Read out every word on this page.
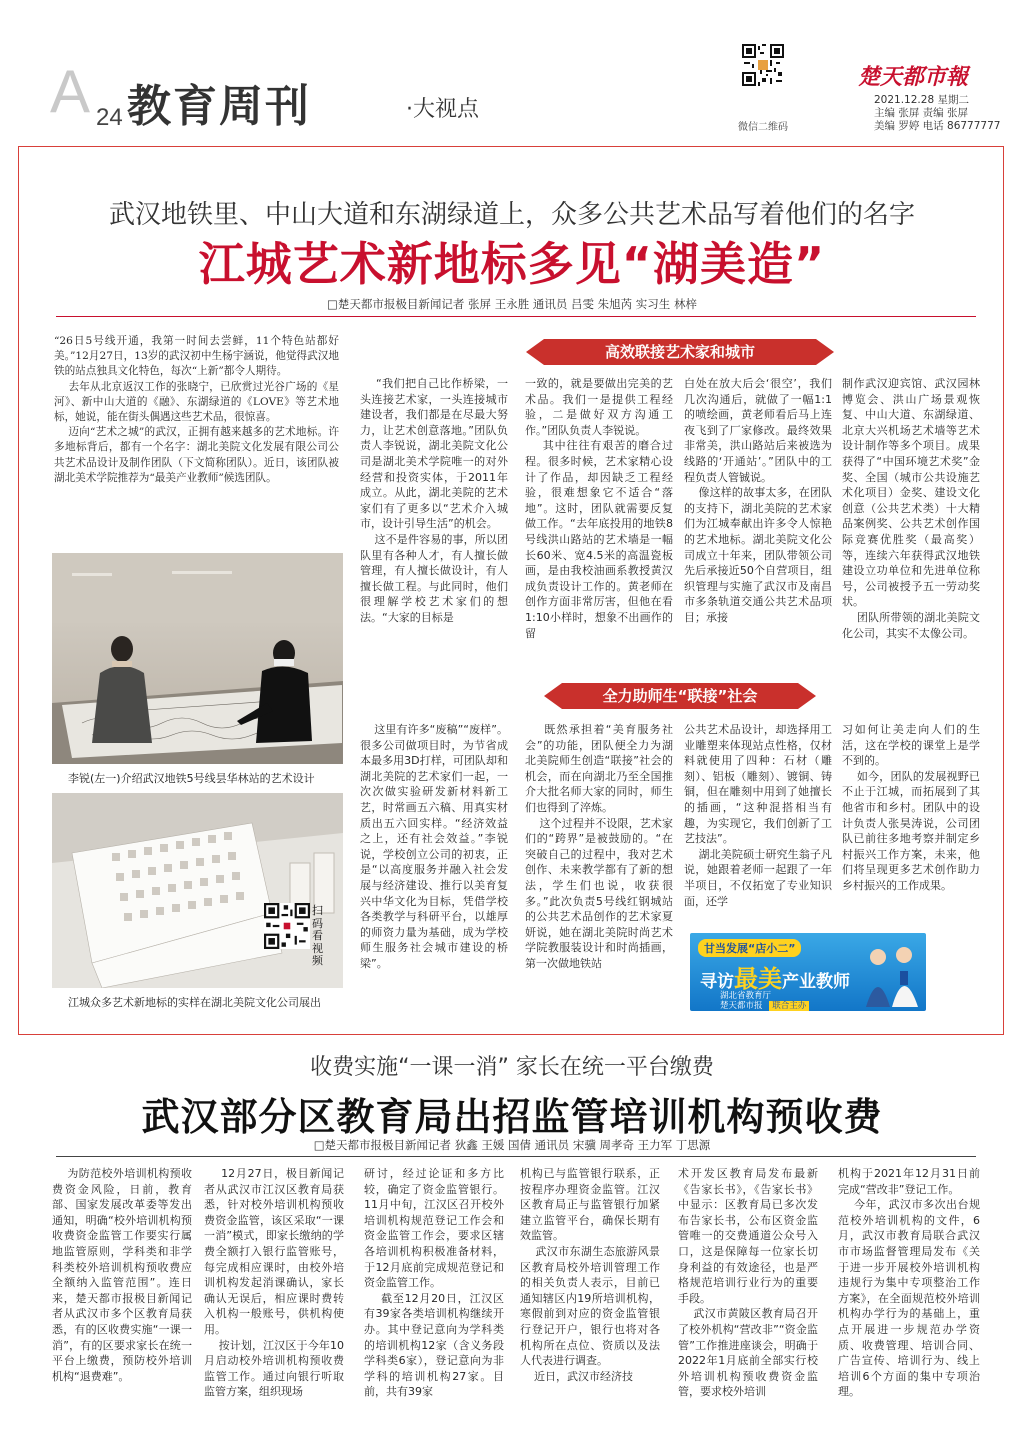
A 24 教育周刊	·大视点
微信二维码
楚天都市報
2021.12.28 星期二
主编 张屏 责编 张屏
美编 罗婷 电话 86777777
武汉地铁里、中山大道和东湖绿道上，众多公共艺术品写着他们的名字
江城艺术新地标多见“湖美造”
□楚天都市报极目新闻记者 张屏 王永胜 通讯员 吕雯 朱旭芮 实习生 林梓
“26日5号线开通，我第一时间去尝鲜，11个特色站都好美。”12月27日，13岁的武汉初中生杨宇涵说，他觉得武汉地铁的站点独具文化特色，每次“上新”都令人期待。
去年从北京返汉工作的张晓宁，已欣赏过光谷广场的《星河》、新中山大道的《融》、东湖绿道的《LOVE》等艺术地标，她说，能在街头偶遇这些艺术品，很惊喜。
迈向“艺术之城”的武汉，正拥有越来越多的艺术地标。许多地标背后，都有一个名字：湖北美院文化发展有限公司公共艺术品设计及制作团队（下文简称团队）。近日，该团队被湖北美术学院推荐为“最美产业教师”候选团队。
李锐(左一)介绍武汉地铁5号线昙华林站的艺术设计
扫码看视频
江城众多艺术新地标的实样在湖北美院文化公司展出
高效联接艺术家和城市
“我们把自己比作桥梁，一头连接艺术家，一头连接城市建设者，我们都是在尽最大努力，让艺术创意落地。”团队负责人李锐说，湖北美院文化公司是湖北美术学院唯一的对外经营和投资实体，于2011年成立。从此，湖北美院的艺术家们有了更多以“艺术介入城市，设计引导生活”的机会。
这不是件容易的事，所以团队里有各种人才，有人擅长做管理，有人擅长做设计，有人擅长做工程。与此同时，他们很理解学校艺术家们的想法。“大家的目标是
一致的，就是要做出完美的艺术品。我们一是提供工程经验，二是做好双方沟通工作。”团队负责人李锐说。
其中往往有艰苦的磨合过程。很多时候，艺术家精心设计了作品，却因缺乏工程经验，很难想象它不适合“落地”。这时，团队就需要反复做工作。“去年底投用的地铁8号线洪山路站的艺术墙是一幅长60米、宽4.5米的高温瓷板画，是由我校油画系教授黄汉成负责设计工作的。黄老师在创作方面非常厉害，但他在看1:10小样时，想象不出画作的留
白处在放大后会‘很空’，我们几次沟通后，就做了一幅1:1的喷绘画，黄老师看后马上连夜飞到了厂家修改。最终效果非常美，洪山路站后来被选为线路的‘开通站’。”团队中的工程负责人管铖说。
像这样的故事太多，在团队的支持下，湖北美院的艺术家们为江城奉献出许多令人惊艳的艺术地标。湖北美院文化公司成立十年来，团队带领公司先后承接近50个自营项目，组织管理与实施了武汉市及南昌市多条轨道交通公共艺术品项目；承接
制作武汉迎宾馆、武汉园林博览会、洪山广场景观恢复、中山大道、东湖绿道、北京大兴机场艺术墙等艺术设计制作等多个项目。成果获得了“中国环境艺术奖”金奖、全国（城市公共设施艺术化项目）金奖、建设文化创意（公共艺术类）十大精品案例奖、公共艺术创作国际竞赛优胜奖（最高奖）等，连续六年获得武汉地铁建设立功单位和先进单位称号，公司被授予五一劳动奖状。
团队所带领的湖北美院文化公司，其实不太像公司。
全力助师生“联接”社会
这里有许多“废稿”“废样”。很多公司做项目时，为节省成本最多用3D打样，可团队却和湖北美院的艺术家们一起，一次次做实验研发新材料新工艺，时常画五六稿、用真实材质出五六回实样。“经济效益之上，还有社会效益。”李锐说，学校创立公司的初衷，正是“以高度服务并融入社会发展与经济建设、推行以美育复兴中华文化为目标，凭借学校各类教学与科研平台，以雄厚的师资力量为基础，成为学校师生服务社会城市建设的桥梁”。
既然承担着“美育服务社会”的功能，团队便全力为湖北美院师生创造“联接”社会的机会，而在向湖北乃至全国推介大批名师大家的同时，师生们也得到了淬炼。
这个过程并不设限，艺术家们的“跨界”是被鼓励的。“在突破自己的过程中，我对艺术创作、未来教学都有了新的想法，学生们也说，收获很多。”此次负责5号线红钢城站的公共艺术品创作的艺术家夏妍说，她在湖北美院时尚艺术学院教服装设计和时尚插画，第一次做地铁站
公共艺术品设计，却选择用工业雕塑来体现站点性格，仅材料就使用了四种：石材（雕刻）、铝板（雕刻）、镀铜、铸铜，但在雕刻中用到了她擅长的插画，“这种混搭相当有趣，为实现它，我们创新了工艺技法”。
湖北美院硕士研究生翁子凡说，她跟着老师一起跟了一年半项目，不仅拓宽了专业知识面，还学
习如何让美走向人们的生活，这在学校的课堂上是学不到的。
如今，团队的发展视野已不止于江城，而拓展到了其他省市和乡村。团队中的设计负责人张昊涛说，公司团队已前往多地考察并制定乡村振兴工作方案，未来，他们将呈现更多艺术创作助力乡村振兴的工作成果。
甘当发展“店小二”
寻访最美产业教师
湖北省教育厅
楚天都市报 联合主办
收费实施“一课一消” 家长在统一平台缴费
武汉部分区教育局出招监管培训机构预收费
□楚天都市报极目新闻记者 狄鑫 王媛 国倩 通讯员 宋骥 周孝奇 王力军 丁思源
为防范校外培训机构预收费资金风险，日前，教育部、国家发展改革委等发出通知，明确“校外培训机构预收费资金监管工作要实行属地监管原则，学科类和非学科类校外培训机构预收费应全额纳入监管范围”。连日来，楚天都市报极目新闻记者从武汉市多个区教育局获悉，有的区收费实施“一课一消”，有的区要求家长在统一平台上缴费，预防校外培训机构“退费难”。
12月27日，极目新闻记者从武汉市江汉区教育局获悉，针对校外培训机构预收费资金监管，该区采取“一课一消”模式，即家长缴纳的学费全额打入银行监管账号，每完成相应课时，由校外培训机构发起消课确认，家长确认无误后，相应课时费转入机构一般账号，供机构使用。
按计划，江汉区于今年10月启动校外培训机构预收费监管工作。通过向银行听取监管方案，组织现场
研讨，经过论证和多方比较，确定了资金监管银行。11月中旬，江汉区召开校外培训机构规范登记工作会和资金监管工作会，要求区辖各培训机构积极准备材料，于12月底前完成规范登记和资金监管工作。
截至12月20日，江汉区有39家各类培训机构继续开办。其中登记意向为学科类的培训机构12家（含义务段学科类6家），登记意向为非学科的培训机构27家。目前，共有39家
机构已与监管银行联系，正按程序办理资金监管。江汉区教育局正与监管银行加紧建立监管平台，确保长期有效监管。
武汉市东湖生态旅游风景区教育局校外培训管理工作的相关负责人表示，目前已通知辖区内19所培训机构，寒假前到对应的资金监管银行登记开户，银行也将对各机构所在点位、资质以及法人代表进行调查。
近日，武汉市经济技
术开发区教育局发布最新《告家长书》，《告家长书》中显示：区教育局已多次发布告家长书，公布区资金监管唯一的交费通道公众号入口，这是保障每一位家长切身利益的有效途径，也是严格规范培训行业行为的重要手段。
武汉市黄陂区教育局召开了校外机构“营改非”“资金监管”工作推进座谈会，明确于2022年1月底前全部实行校外培训机构预收费资金监管，要求校外培训
机构于2021年12月31日前完成“营改非”登记工作。
今年，武汉市多次出台规范校外培训机构的文件，6月，武汉市教育局联合武汉市市场监督管理局发布《关于进一步开展校外培训机构违规行为集中专项整治工作方案》，在全面规范校外培训机构办学行为的基础上，重点开展进一步规范办学资质、收费管理、培训合同、广告宣传、培训行为、线上培训6个方面的集中专项治理。
